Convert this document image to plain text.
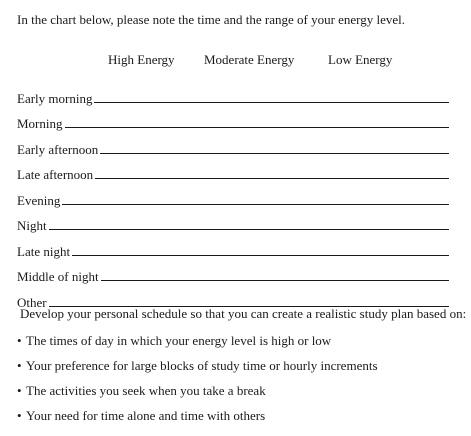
In the chart below, please note the time and the range of your energy level.
High Energy Moderate Energy	Low Energy
Early morning
Morning
Early afternoon
Late afternoon
Evening
Night
Late night
Middle of night
Other
Develop your personal schedule so that you can create a realistic study plan based on:
• The times of day in which your energy level is high or low
• Your preference for large blocks of study time or hourly increments
• The activities you seek when you take a break
• Your need for time alone and time with others
